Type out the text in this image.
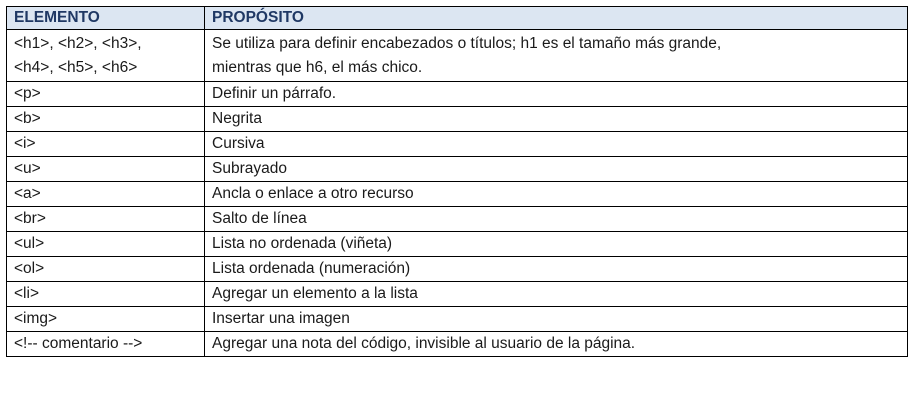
ELEMENTO	PROPÓSITO

<h1>, <h2>, <h3>,
<h4>, <h5>, <h6>	Se utiliza para definir encabezados o títulos; h1 es el tamaño más grande,
mientras que h6, el más chico.

<p>	Definir un párrafo.
<b>	Negrita
<i>	Cursiva
<u>	Subrayado
<a>	Ancla o enlace a otro recurso
<br>	Salto de línea
<ul>	Lista no ordenada (viñeta)
<ol>	Lista ordenada (numeración)
<li>	Agregar un elemento a la lista
<img>	Insertar una imagen
<!-- comentario -->	Agregar una nota del código, invisible al usuario de la página.
